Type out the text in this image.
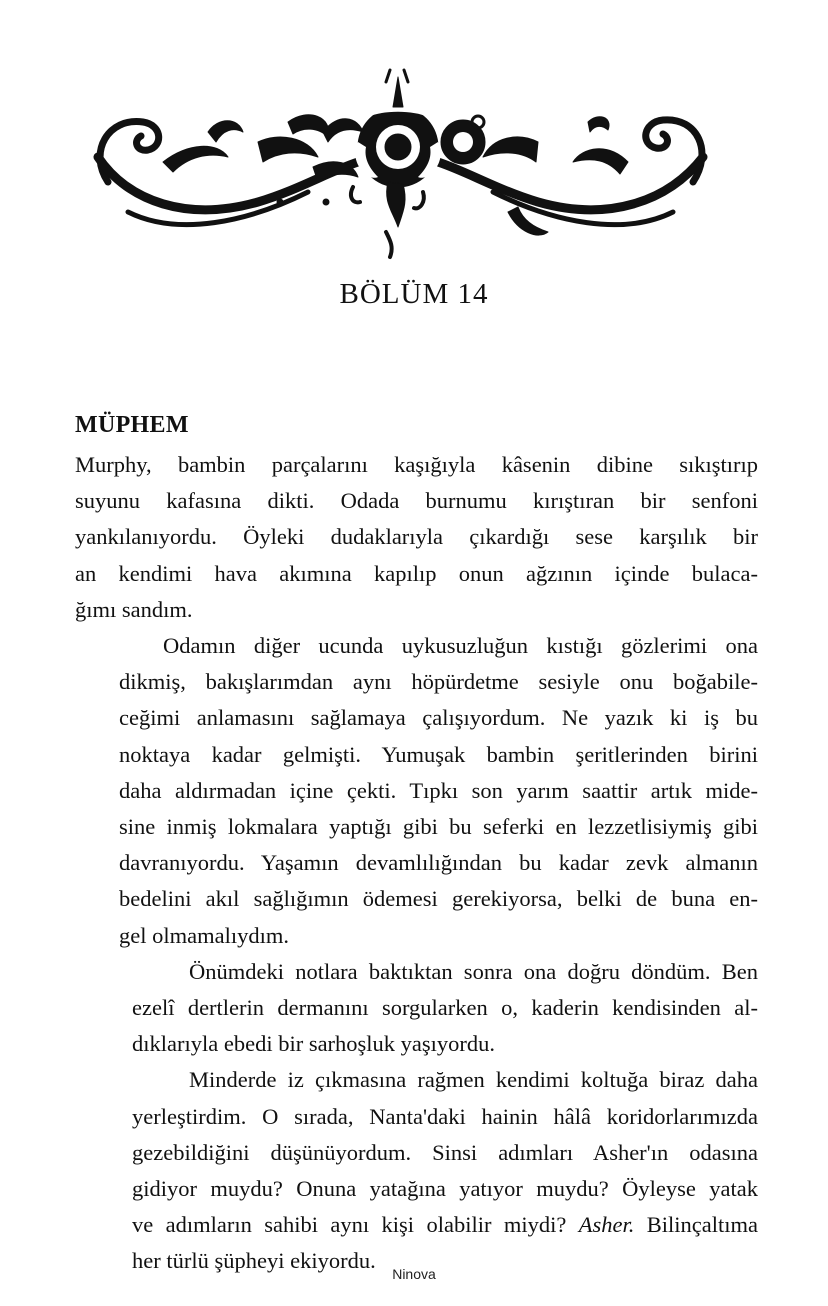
BÖLÜM 14
MÜPHEM

Murphy, bambin parçalarını kaşığıyla kâsenin dibine sıkıştırıp
suyunu kafasına dikti. Odada burnumu kırıştıran bir senfoni
yankılanıyordu. Öyleki dudaklarıyla çıkardığı sese karşılık bir
an kendimi hava akımına kapılıp onun ağzının içinde bulaca-
ğımı sandım.

Odamın diğer ucunda uykusuzluğun kıstığı gözlerimi ona
dikmiş, bakışlarımdan aynı höpürdetme sesiyle onu boğabile-
ceğimi anlamasını sağlamaya çalışıyordum. Ne yazık ki iş bu
noktaya kadar gelmişti. Yumuşak bambin şeritlerinden birini
daha aldırmadan içine çekti. Tıpkı son yarım saattir artık mide-
sine inmiş lokmalara yaptığı gibi bu seferki en lezzetlisiymiş gibi
davranıyordu. Yaşamın devamlılığından bu kadar zevk almanın
bedelini akıl sağlığımın ödemesi gerekiyorsa, belki de buna en-
gel olmamalıydım.

Önümdeki notlara baktıktan sonra ona doğru döndüm. Ben
ezelî dertlerin dermanını sorgularken o, kaderin kendisinden al-
dıklarıyla ebedi bir sarhoşluk yaşıyordu.

Minderde iz çıkmasına rağmen kendimi koltuğa biraz daha
yerleştirdim. O sırada, Nanta'daki hainin hâlâ koridorlarımızda
gezebildiğini düşünüyordum. Sinsi adımları Asher'ın odasına
gidiyor muydu? Onuna yatağına yatıyor muydu? Öyleyse yatak
ve adımların sahibi aynı kişi olabilir miydi? Asher. Bilinçaltıma
her türlü şüpheyi ekiyordu.

Ninova
